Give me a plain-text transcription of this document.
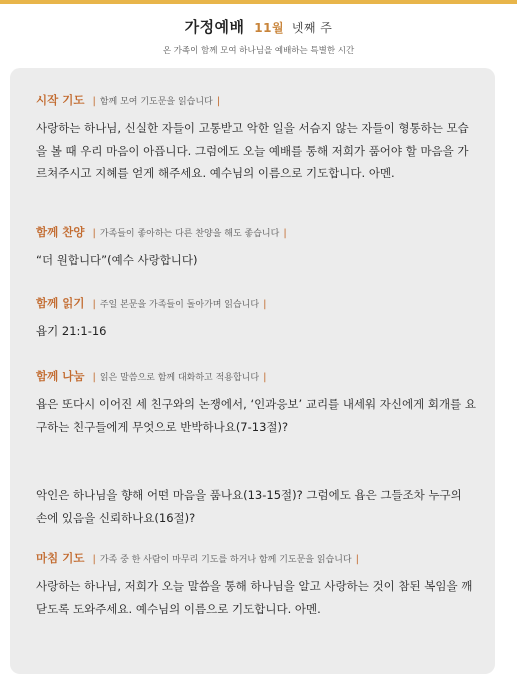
가정예배 11월 넷째 주
온 가족이 함께 모여 하나님을 예배하는 특별한 시간
시작 기도 | 함께 모여 기도문을 읽습니다 |
사랑하는 하나님, 신실한 자들이 고통받고 악한 일을 서슴지 않는 자들이 형통하는 모습을 볼 때 우리 마음이 아픕니다. 그럼에도 오늘 예배를 통해 저희가 품어야 할 마음을 가르쳐주시고 지혜를 얻게 해주세요. 예수님의 이름으로 기도합니다. 아멘.
함께 찬양 | 가족들이 좋아하는 다른 찬양을 해도 좋습니다 |
“더 원합니다”(예수 사랑합니다)
함께 읽기 | 주일 본문을 가족들이 돌아가며 읽습니다 |
욥기 21:1-16
함께 나눔 | 읽은 말씀으로 함께 대화하고 적용합니다 |
욥은 또다시 이어진 세 친구와의 논쟁에서, ‘인과응보’ 교리를 내세워 자신에게 회개를 요구하는 친구들에게 무엇으로 반박하나요(7-13절)?
악인은 하나님을 향해 어떤 마음을 품나요(13-15절)? 그럼에도 욥은 그들조차 누구의 손에 있음을 신뢰하나요(16절)?
마침 기도 | 가족 중 한 사람이 마무리 기도를 하거나 함께 기도문을 읽습니다 |
사랑하는 하나님, 저희가 오늘 말씀을 통해 하나님을 알고 사랑하는 것이 참된 복임을 깨닫도록 도와주세요. 예수님의 이름으로 기도합니다. 아멘.
